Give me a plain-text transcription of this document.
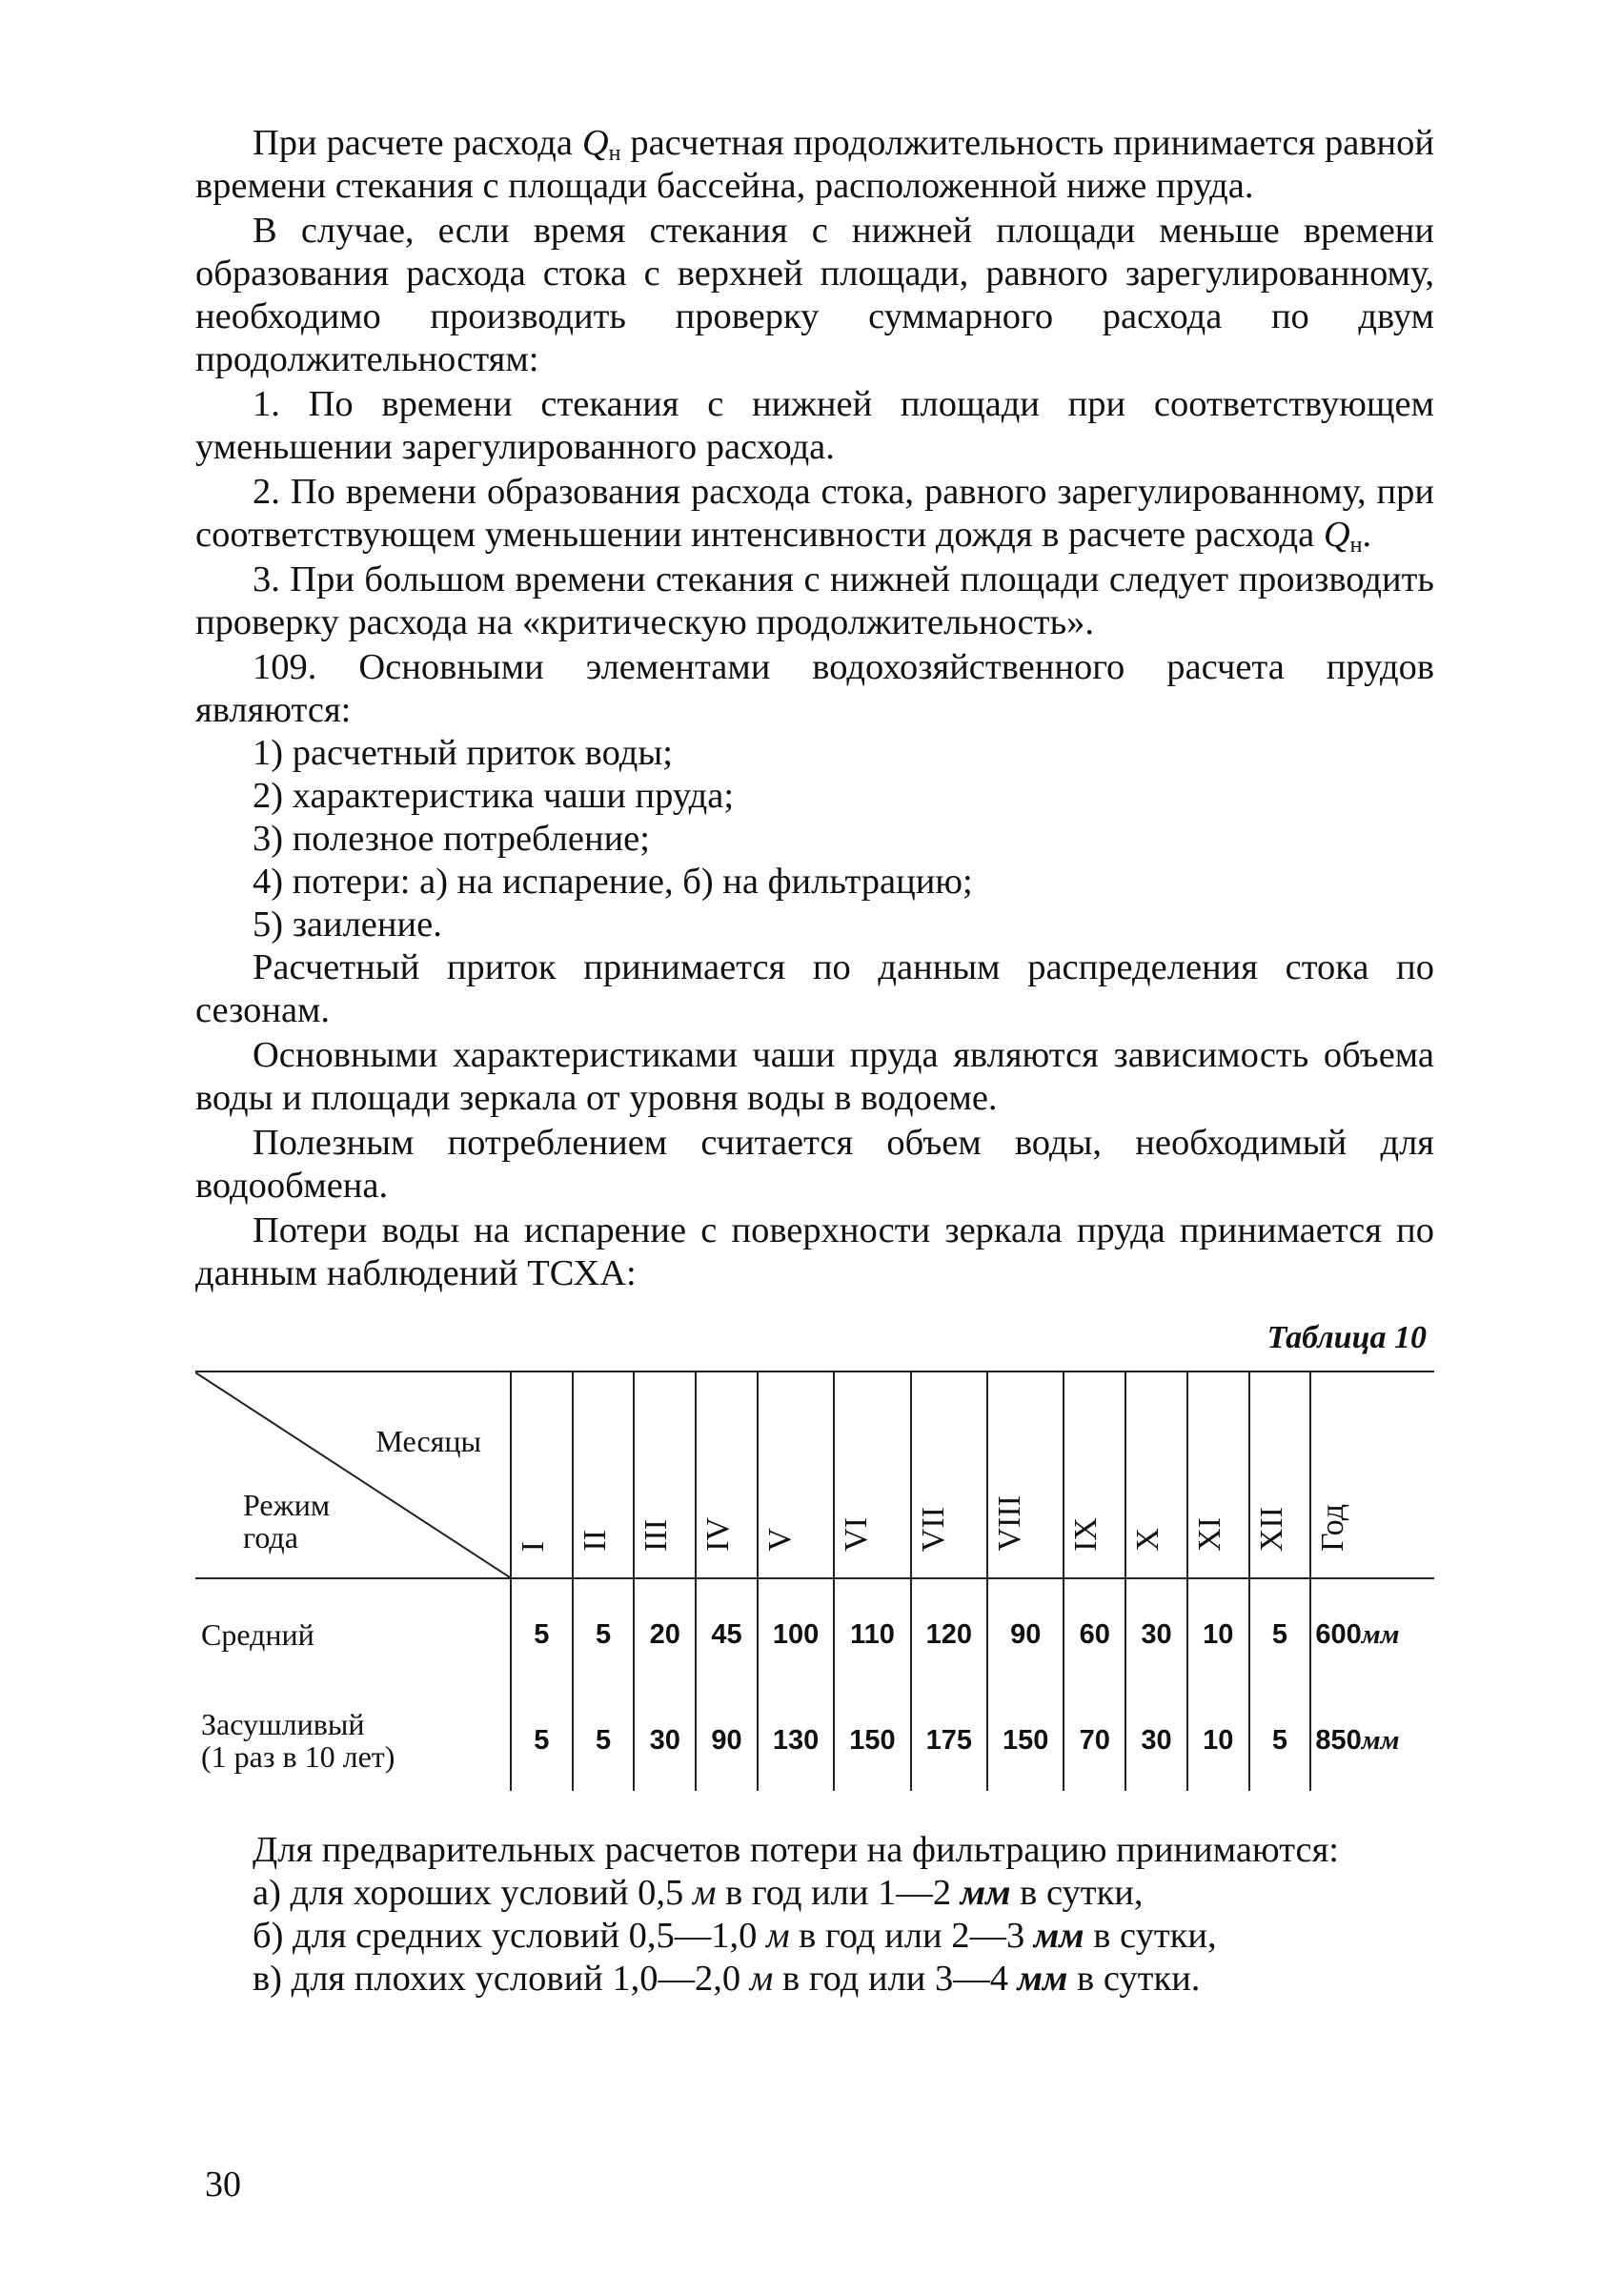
При расчете расхода $Q_н$ расчетная продолжительность принимается равной времени стекания с площади бассейна, расположенной ниже пруда.

В случае, если время стекания с нижней площади меньше времени образования расхода стока с верхней площади, равного зарегулированному, необходимо производить проверку суммарного расхода по двум продолжительностям:

1. По времени стекания с нижней площади при соответствующем уменьшении зарегулированного расхода.

2. По времени образования расхода стока, равного зарегулированному, при соответствующем уменьшении интенсивности дождя в расчете расхода $Q_н$.

3. При большом времени стекания с нижней площади следует производить проверку расхода на «критическую продолжительность».

109. Основными элементами водохозяйственного расчета прудов являются:

1) расчетный приток воды;

2) характеристика чаши пруда;

3) полезное потребление;

4) потери: а) на испарение, б) на фильтрацию;

5) заиление.

Расчетный приток принимается по данным распределения стока по сезонам.

Основными характеристиками чаши пруда являются зависимость объема воды и площади зеркала от уровня воды в водоеме.

Полезным потреблением считается объем воды, необходимый для водообмена.

Потери воды на испарение с поверхности зеркала пруда принимается по данным наблюдений ТСХА:

Таблица 10
Месяцы
Режим
года	I	II	III	IV	V	VI	VII	VIII	IX	X	XI	XII	Год
Средний	5	5	20	45	100	110	120	90	60	30	10	5	600мм
Засушливый
(1 раз в 10 лет)	5	5	30	90	130	150	175	150	70	30	10	5	850мм

Для предварительных расчетов потери на фильтрацию принимаются:

а) для хороших условий 0,5 м в год или 1—2 мм в сутки,

б) для средних условий 0,5—1,0 м в год или 2—3 мм в сутки,

в) для плохих условий 1,0—2,0 м в год или 3—4 мм в сутки.

30
